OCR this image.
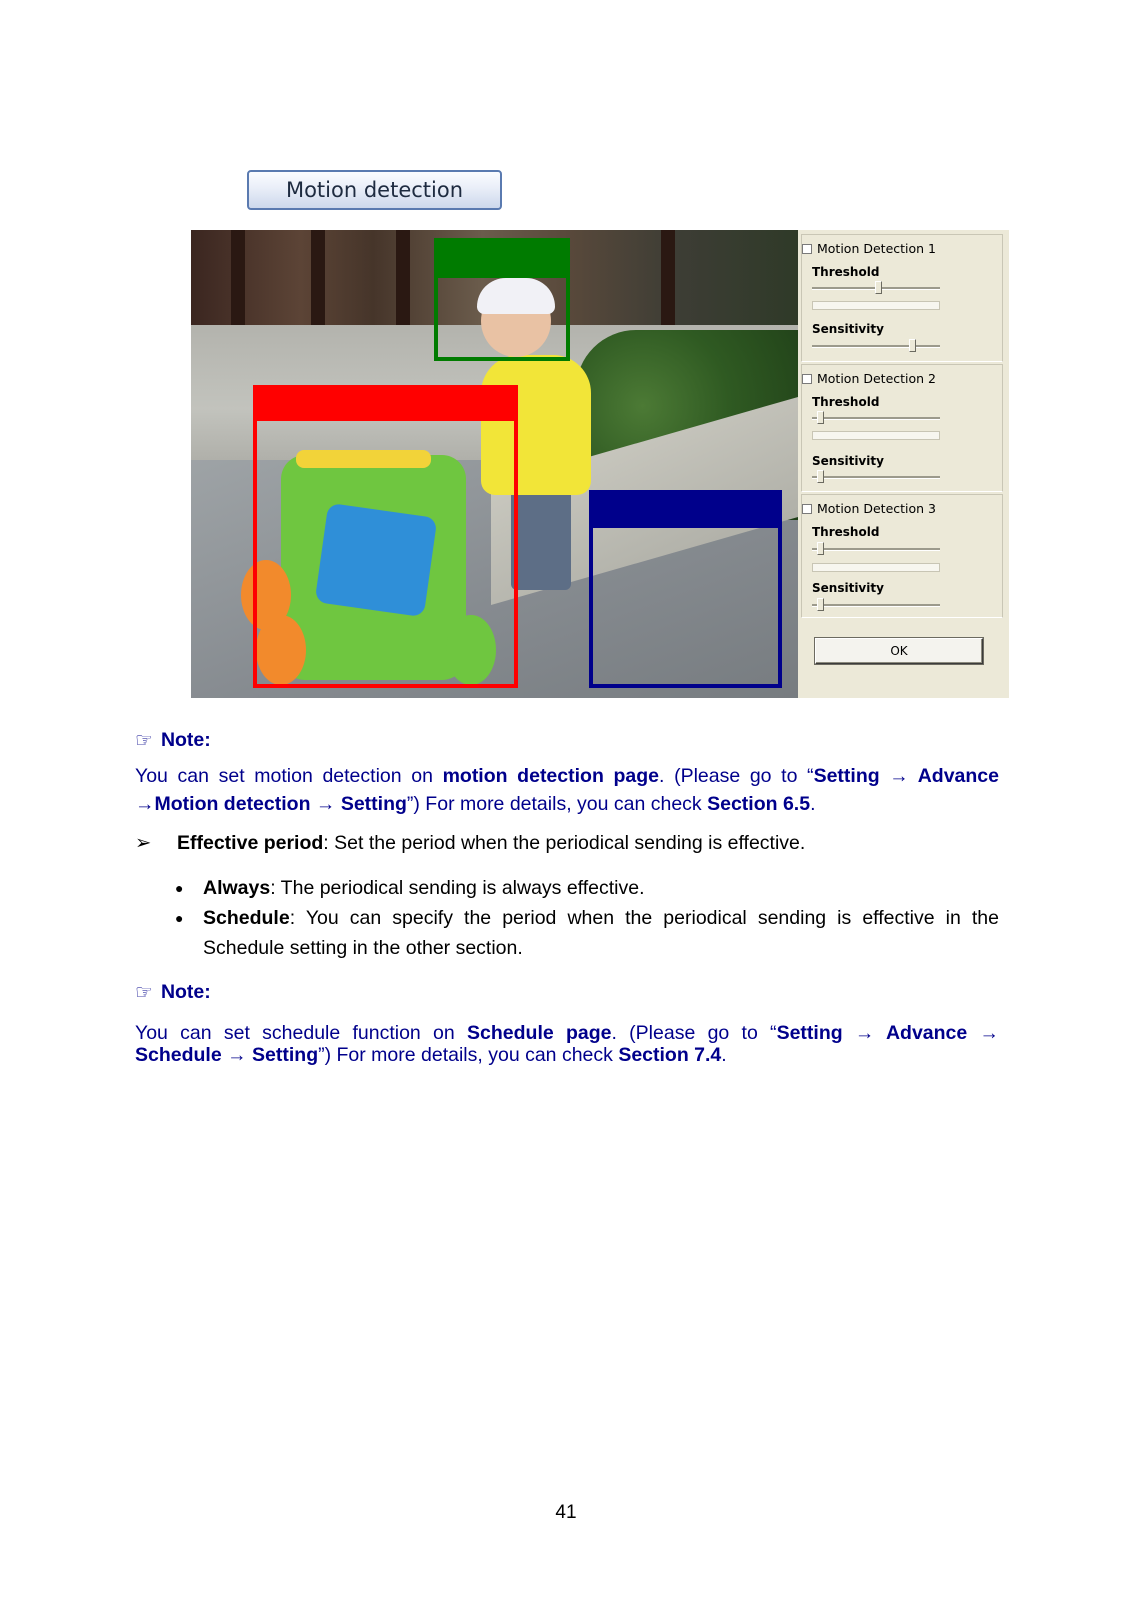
Motion detection
Motion Detection 1
Threshold
Sensitivity
Motion Detection 2
Threshold
Sensitivity
Motion Detection 3
Threshold
Sensitivity
OK
☞ Note:
You can set motion detection on motion detection page. (Please go to “Setting → Advance
→Motion detection → Setting”) For more details, you can check Section 6.5.
➢ Effective period: Set the period when the periodical sending is effective.
● Always: The periodical sending is always effective.
● Schedule: You can specify the period when the periodical sending is effective in the
Schedule setting in the other section.
☞ Note:
You can set schedule function on Schedule page. (Please go to “Setting → Advance →
Schedule → Setting”) For more details, you can check Section 7.4.
41
